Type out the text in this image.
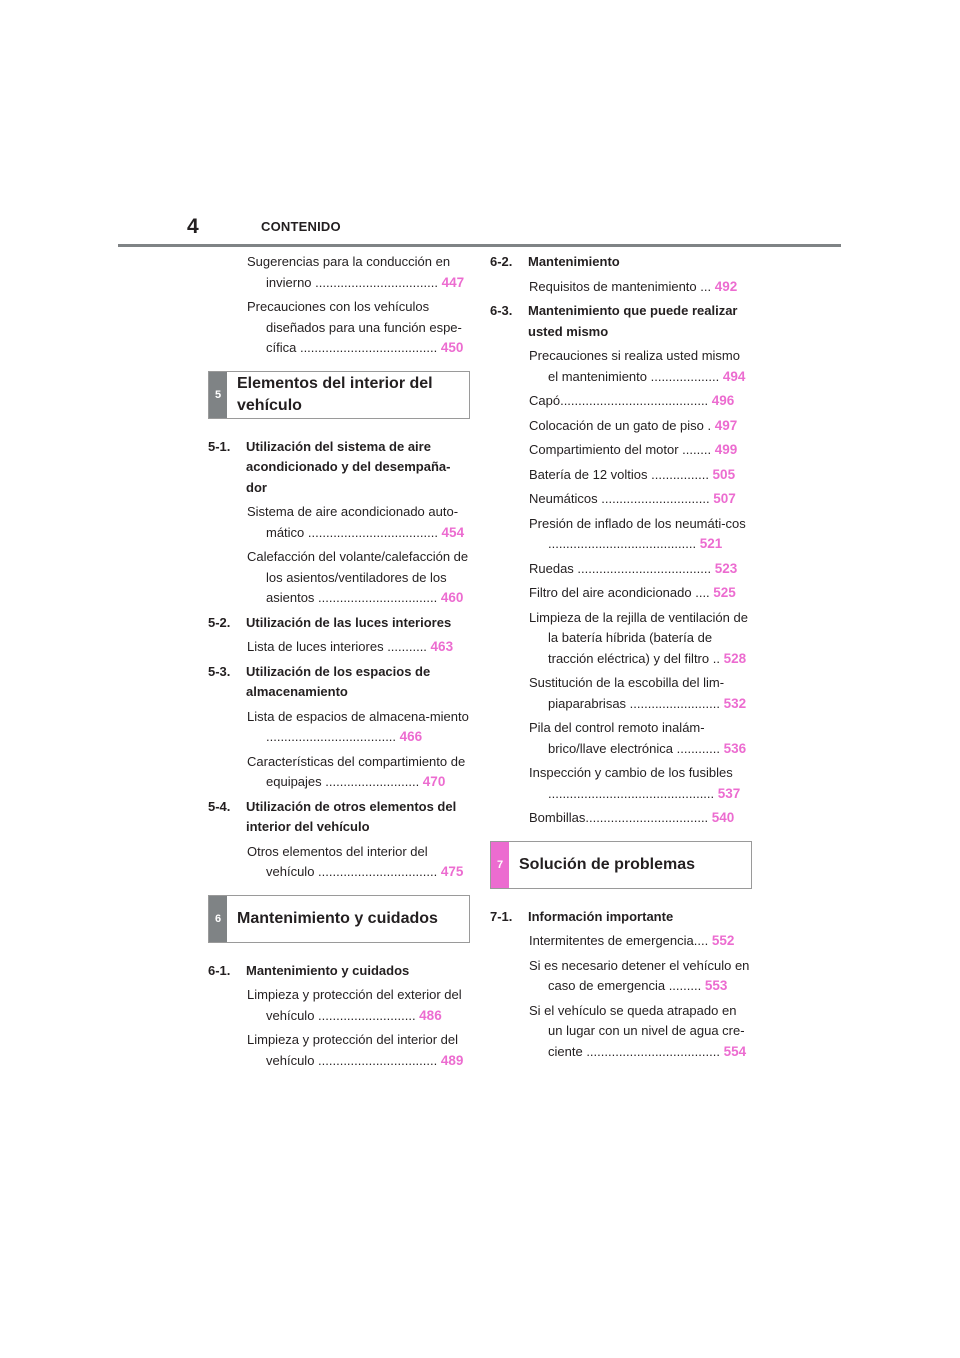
4	CONTENIDO
Sugerencias para la conducción en invierno .................................. 447
Precauciones con los vehículos diseñados para una función espe-cífica ...................................... 450
5
Elementos del interior del vehículo
5-1.	Utilización del sistema de aire acondicionado y del desempaña-dor
Sistema de aire acondicionado auto-mático .................................... 454
Calefacción del volante/calefacción de los asientos/ventiladores de los asientos ................................. 460
5-2.	Utilización de las luces interiores
Lista de luces interiores ........... 463
5-3.	Utilización de los espacios de almacenamiento
Lista de espacios de almacena-miento .................................... 466
Características del compartimiento de equipajes .......................... 470
5-4.	Utilización de otros elementos del interior del vehículo
Otros elementos del interior del vehículo ................................. 475
6 Mantenimiento y cuidados
6-1.	Mantenimiento y cuidados
Limpieza y protección del exterior del vehículo ........................... 486
Limpieza y protección del interior del vehículo ................................. 489
6-2.	Mantenimiento
Requisitos de mantenimiento ... 492
6-3.	Mantenimiento que puede realizar usted mismo
Precauciones si realiza usted mismo el mantenimiento ................... 494
Capó......................................... 496
Colocación de un gato de piso . 497
Compartimiento del motor ........ 499
Batería de 12 voltios ................ 505
Neumáticos .............................. 507
Presión de inflado de los neumáti-cos ......................................... 521
Ruedas ..................................... 523
Filtro del aire acondicionado .... 525
Limpieza de la rejilla de ventilación de la batería híbrida (batería de tracción eléctrica) y del filtro .. 528
Sustitución de la escobilla del lim-piaparabrisas ......................... 532
Pila del control remoto inalám-brico/llave electrónica ............ 536
Inspección y cambio de los fusibles .............................................. 537
Bombillas.................................. 540
7 Solución de problemas
7-1.	Información importante
Intermitentes de emergencia.... 552
Si es necesario detener el vehículo en caso de emergencia ......... 553
Si el vehículo se queda atrapado en un lugar con un nivel de agua cre-ciente ..................................... 554
